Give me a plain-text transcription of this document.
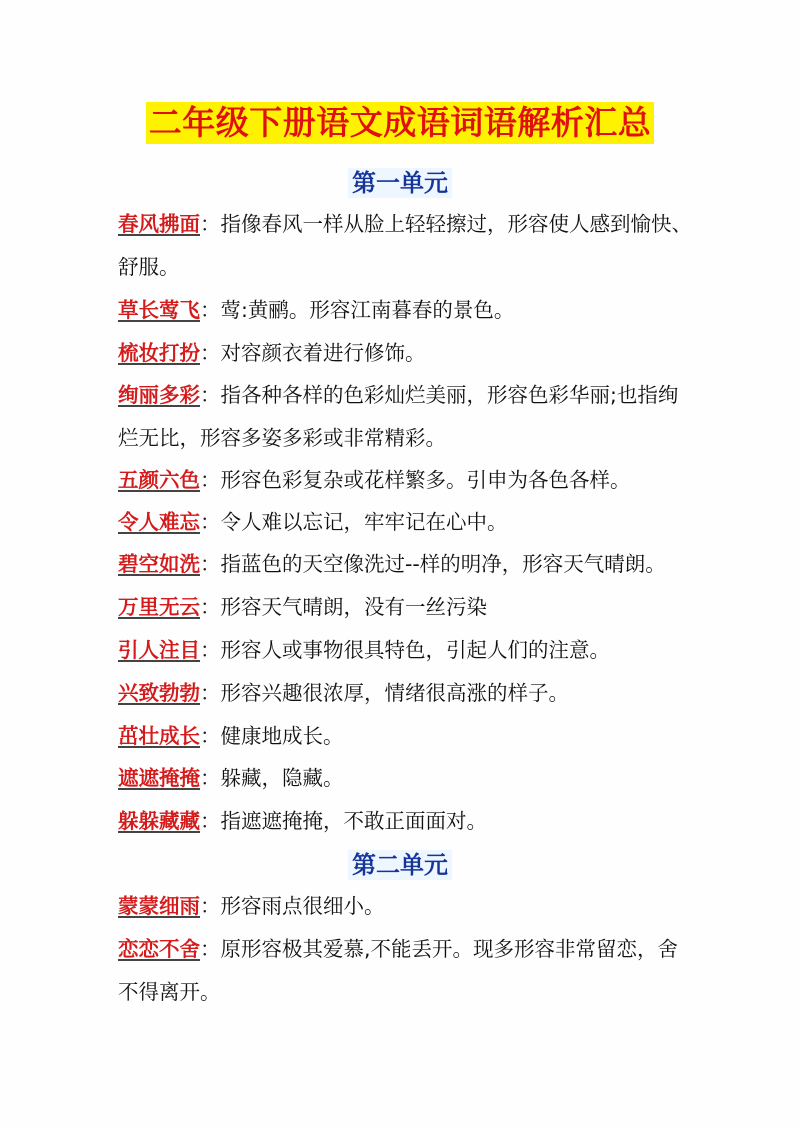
二年级下册语文成语词语解析汇总
第一单元
春风拂面：指像春风一样从脸上轻轻擦过，形容使人感到愉快、舒服。
草长莺飞：莺:黄鹂。形容江南暮春的景色。
梳妆打扮：对容颜衣着进行修饰。
绚丽多彩：指各种各样的色彩灿烂美丽，形容色彩华丽;也指绚烂无比，形容多姿多彩或非常精彩。
五颜六色：形容色彩复杂或花样繁多。引申为各色各样。
令人难忘：令人难以忘记，牢牢记在心中。
碧空如洗：指蓝色的天空像洗过--样的明净，形容天气晴朗。
万里无云：形容天气晴朗，没有一丝污染
引人注目：形容人或事物很具特色，引起人们的注意。
兴致勃勃：形容兴趣很浓厚，情绪很高涨的样子。
茁壮成长：健康地成长。
遮遮掩掩：躲藏，隐藏。
躲躲藏藏：指遮遮掩掩，不敢正面面对。
第二单元
蒙蒙细雨：形容雨点很细小。
恋恋不舍：原形容极其爱慕,不能丢开。现多形容非常留恋，舍不得离开。
